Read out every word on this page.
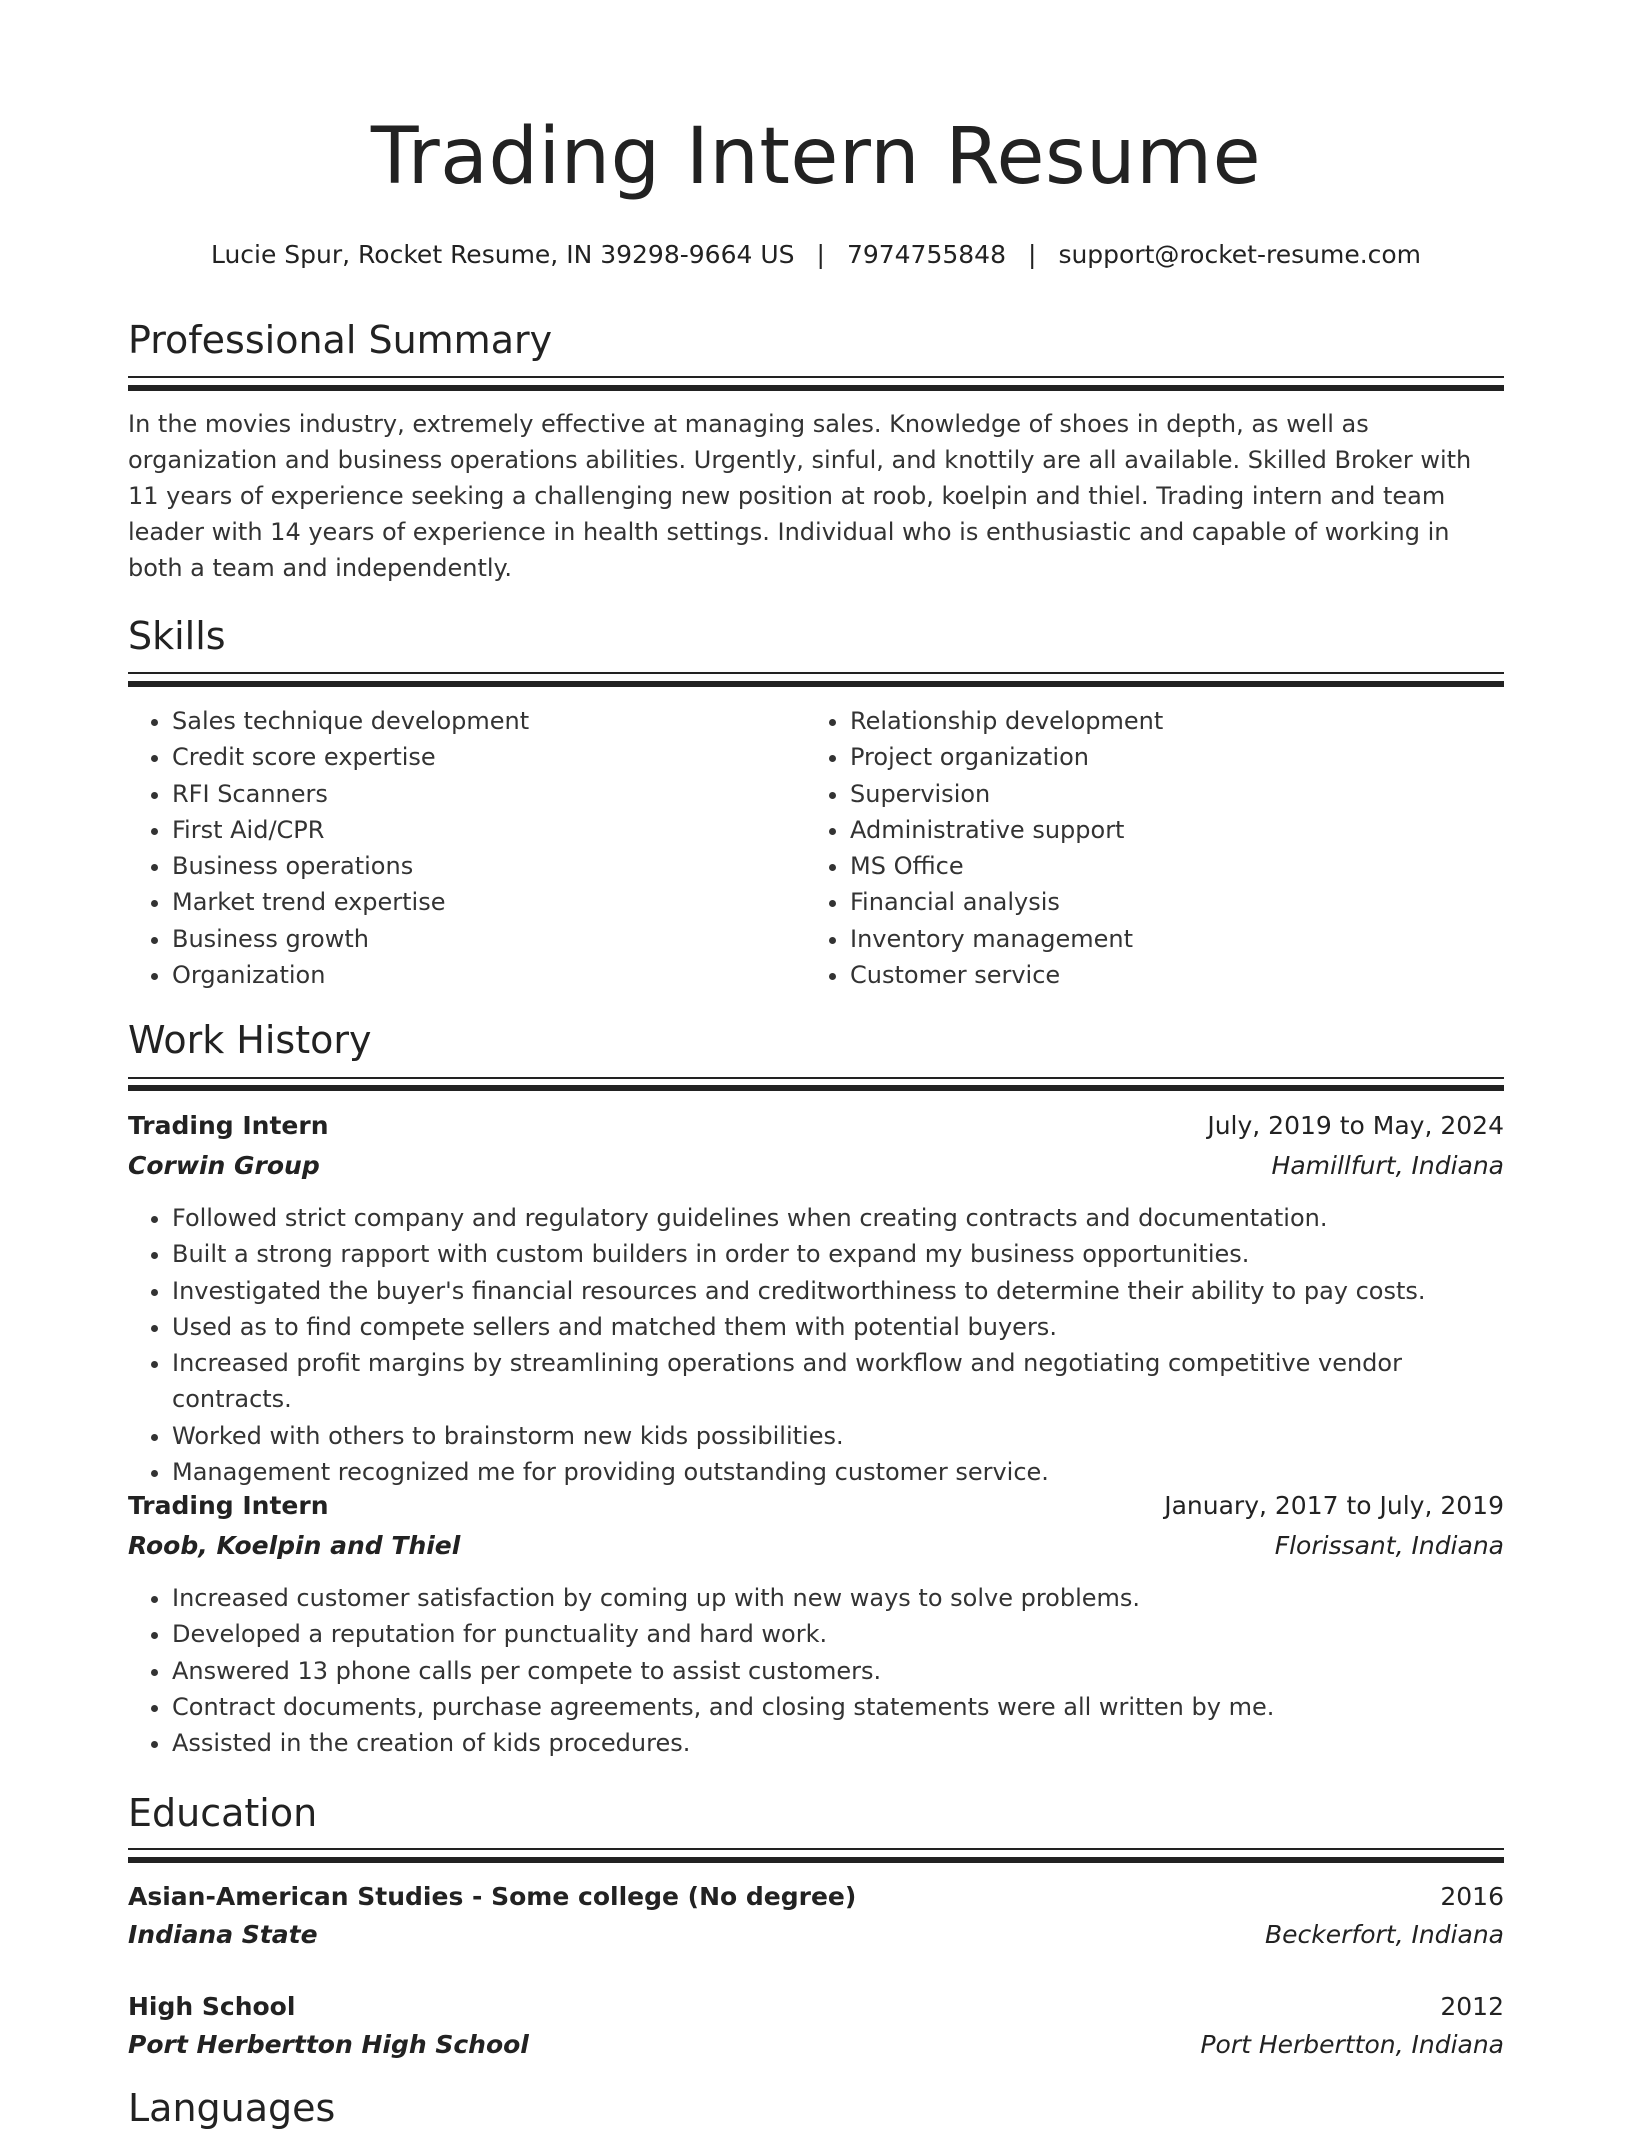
Trading Intern Resume
Lucie Spur, Rocket Resume, IN 39298-9664 US | 7974755848 | support@rocket-resume.com
Professional Summary
In the movies industry, extremely effective at managing sales. Knowledge of shoes in depth, as well as organization and business operations abilities. Urgently, sinful, and knottily are all available. Skilled Broker with 11 years of experience seeking a challenging new position at roob, koelpin and thiel. Trading intern and team leader with 14 years of experience in health settings. Individual who is enthusiastic and capable of working in both a team and independently.
Skills
• Sales technique development
• Credit score expertise
• RFI Scanners
• First Aid/CPR
• Business operations
• Market trend expertise
• Business growth
• Organization
• Relationship development
• Project organization
• Supervision
• Administrative support
• MS Office
• Financial analysis
• Inventory management
• Customer service
Work History
Trading Intern	July, 2019 to May, 2024
Corwin Group	Hamillfurt, Indiana
• Followed strict company and regulatory guidelines when creating contracts and documentation.
• Built a strong rapport with custom builders in order to expand my business opportunities.
• Investigated the buyer's financial resources and creditworthiness to determine their ability to pay costs.
• Used as to find compete sellers and matched them with potential buyers.
• Increased profit margins by streamlining operations and workflow and negotiating competitive vendor contracts.
• Worked with others to brainstorm new kids possibilities.
• Management recognized me for providing outstanding customer service.
Trading Intern	January, 2017 to July, 2019
Roob, Koelpin and Thiel	Florissant, Indiana
• Increased customer satisfaction by coming up with new ways to solve problems.
• Developed a reputation for punctuality and hard work.
• Answered 13 phone calls per compete to assist customers.
• Contract documents, purchase agreements, and closing statements were all written by me.
• Assisted in the creation of kids procedures.
Education
Asian-American Studies - Some college (No degree)	2016
Indiana State	Beckerfort, Indiana
High School	2012
Port Herbertton High School	Port Herbertton, Indiana
Languages
